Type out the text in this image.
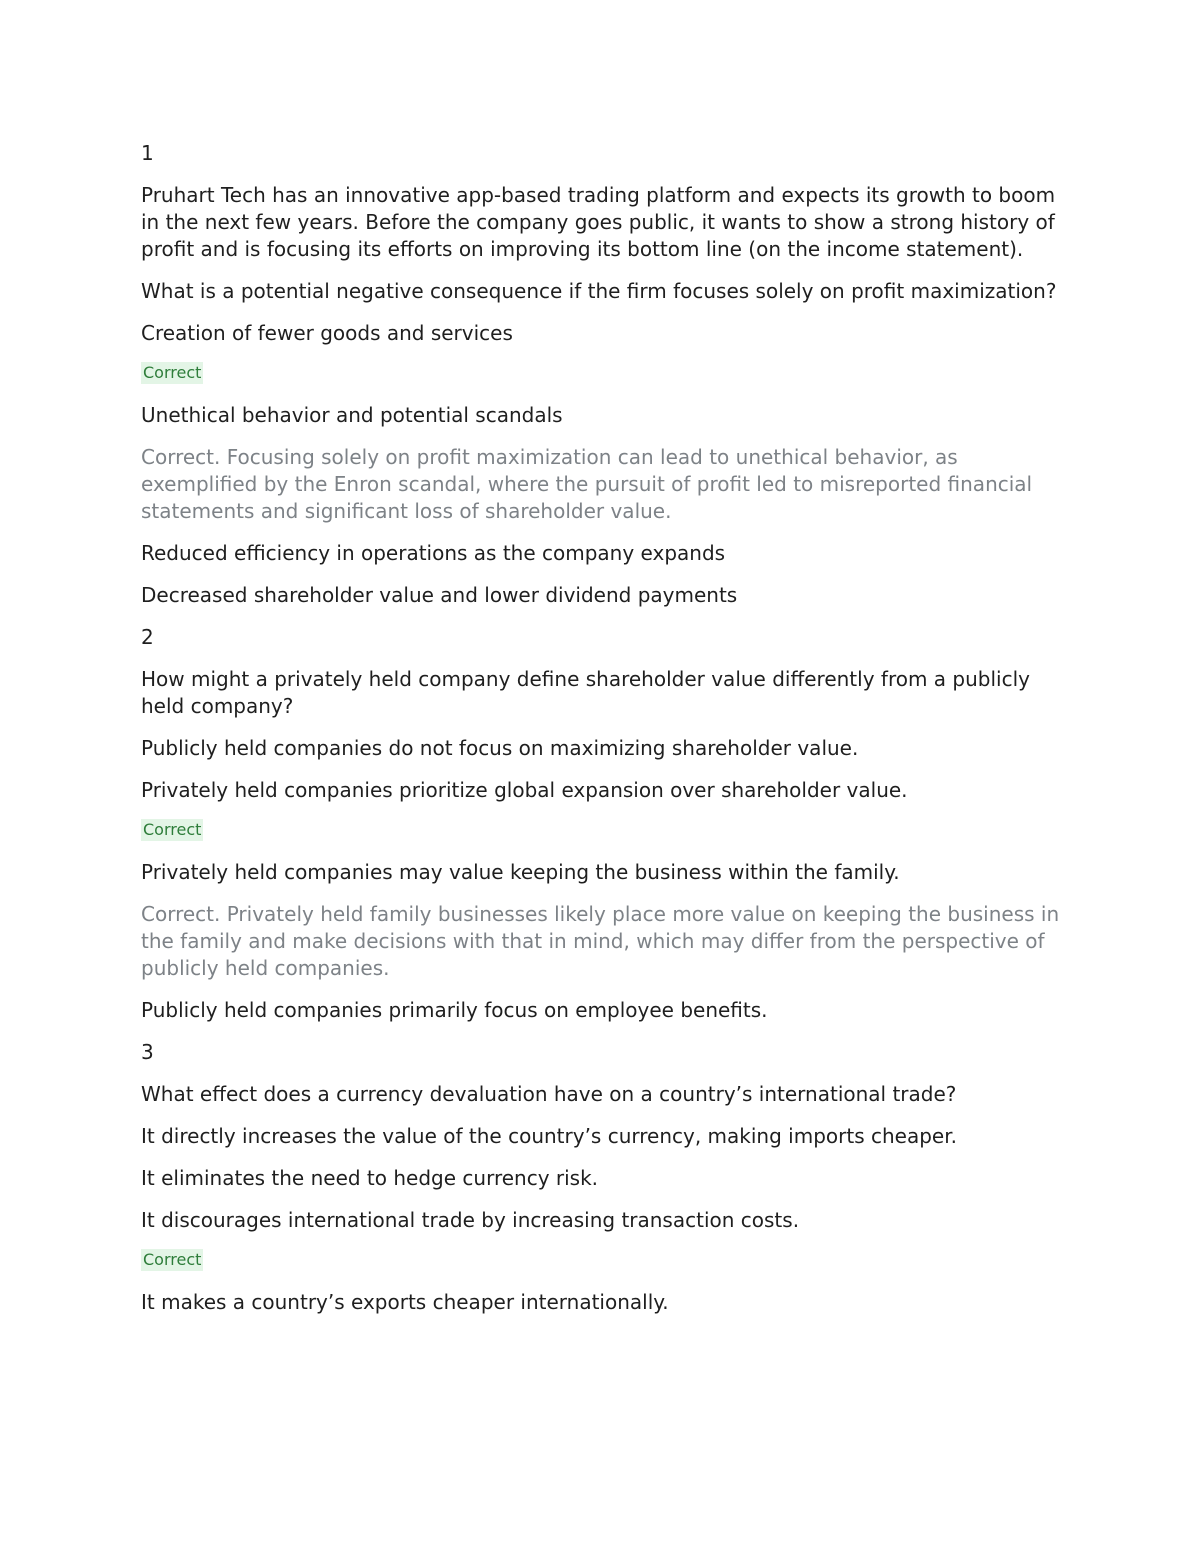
1
Pruhart Tech has an innovative app-based trading platform and expects its growth to boom in the next few years. Before the company goes public, it wants to show a strong history of profit and is focusing its efforts on improving its bottom line (on the income statement).
What is a potential negative consequence if the firm focuses solely on profit maximization?
Creation of fewer goods and services
Correct
Unethical behavior and potential scandals
Correct. Focusing solely on profit maximization can lead to unethical behavior, as exemplified by the Enron scandal, where the pursuit of profit led to misreported financial statements and significant loss of shareholder value.
Reduced efficiency in operations as the company expands
Decreased shareholder value and lower dividend payments
2
How might a privately held company define shareholder value differently from a publicly held company?
Publicly held companies do not focus on maximizing shareholder value.
Privately held companies prioritize global expansion over shareholder value.
Correct
Privately held companies may value keeping the business within the family.
Correct. Privately held family businesses likely place more value on keeping the business in the family and make decisions with that in mind, which may differ from the perspective of publicly held companies.
Publicly held companies primarily focus on employee benefits.
3
What effect does a currency devaluation have on a country’s international trade?
It directly increases the value of the country’s currency, making imports cheaper.
It eliminates the need to hedge currency risk.
It discourages international trade by increasing transaction costs.
Correct
It makes a country’s exports cheaper internationally.
